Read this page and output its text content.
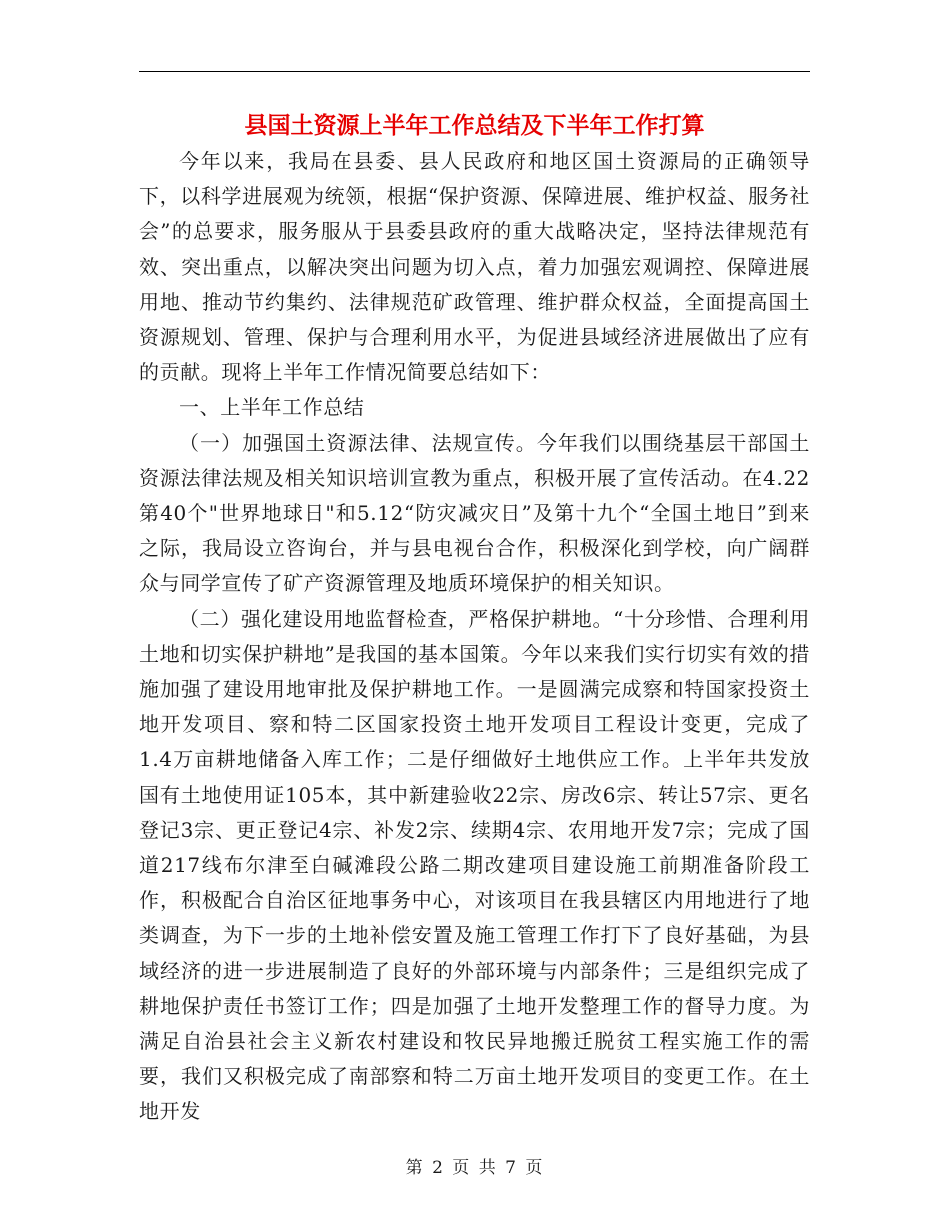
县国土资源上半年工作总结及下半年工作打算

今年以来，我局在县委、县人民政府和地区国土资源局的正确领导下，以科学进展观为统领，根据“保护资源、保障进展、维护权益、服务社会”的总要求，服务服从于县委县政府的重大战略决定，坚持法律规范有效、突出重点，以解决突出问题为切入点，着力加强宏观调控、保障进展用地、推动节约集约、法律规范矿政管理、维护群众权益，全面提高国土资源规划、管理、保护与合理利用水平，为促进县域经济进展做出了应有的贡献。现将上半年工作情况简要总结如下：

一、上半年工作总结

（一）加强国土资源法律、法规宣传。今年我们以围绕基层干部国土资源法律法规及相关知识培训宣教为重点，积极开展了宣传活动。在4.22第40个"世界地球日"和5.12“防灾减灾日”及第十九个“全国土地日”到来之际，我局设立咨询台，并与县电视台合作，积极深化到学校，向广阔群众与同学宣传了矿产资源管理及地质环境保护的相关知识。

（二）强化建设用地监督检查，严格保护耕地。“十分珍惜、合理利用土地和切实保护耕地”是我国的基本国策。今年以来我们实行切实有效的措施加强了建设用地审批及保护耕地工作。一是圆满完成察和特国家投资土地开发项目、察和特二区国家投资土地开发项目工程设计变更，完成了1.4万亩耕地储备入库工作；二是仔细做好土地供应工作。上半年共发放国有土地使用证105本，其中新建验收22宗、房改6宗、转让57宗、更名登记3宗、更正登记4宗、补发2宗、续期4宗、农用地开发7宗；完成了国道217线布尔津至白碱滩段公路二期改建项目建设施工前期准备阶段工作，积极配合自治区征地事务中心，对该项目在我县辖区内用地进行了地类调查，为下一步的土地补偿安置及施工管理工作打下了良好基础，为县域经济的进一步进展制造了良好的外部环境与内部条件；三是组织完成了耕地保护责任书签订工作；四是加强了土地开发整理工作的督导力度。为满足自治县社会主义新农村建设和牧民异地搬迁脱贫工程实施工作的需要，我们又积极完成了南部察和特二万亩土地开发项目的变更工作。在土地开发

第 2 页 共 7 页
